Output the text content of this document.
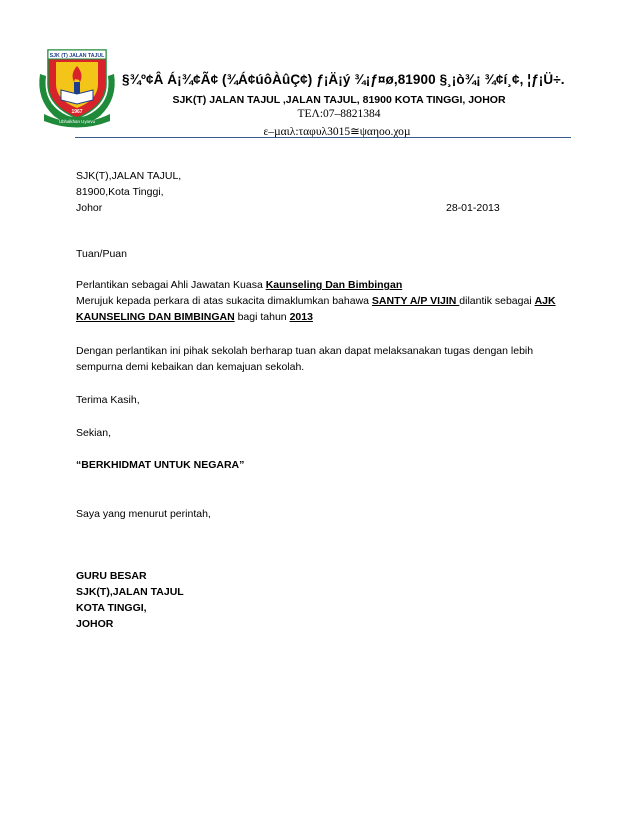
SJK (T) JALAN TAJUL
1967
Ubhalkhan Uyarvu
§¾º¢Â Á¡¾¢Ã¢ (¾Á¢úôÀûÇ¢) ƒ¡Ä¡ý ¾¡ƒ¤ø,81900 §¸¡ò¾¡ ¾¢í¸¢, ¦ƒ¡Ü÷.
SJK(T) JALAN TAJUL ,JALAN TAJUL, 81900 KOTA TINGGI, JOHOR
ΤΕΛ:07–8821384
ε–µαιλ:ταφυλ3015≅ψαηοο.χοµ
SJK(T),JALAN TAJUL,
81900,Kota Tinggi,
Johor	28-01-2013
Tuan/Puan
Perlantikan sebagai Ahli Jawatan Kuasa Kaunseling Dan Bimbingan
Merujuk kepada perkara di atas sukacita dimaklumkan bahawa SANTY A/P VIJIN dilantik sebagai AJK
KAUNSELING DAN BIMBINGAN bagi tahun 2013
Dengan perlantikan ini pihak sekolah berharap tuan akan dapat melaksanakan tugas dengan lebih
sempurna demi kebaikan dan kemajuan sekolah.
Terima Kasih,
Sekian,
“BERKHIDMAT UNTUK NEGARA”
Saya yang menurut perintah,
GURU BESAR
SJK(T),JALAN TAJUL
KOTA TINGGI,
JOHOR
